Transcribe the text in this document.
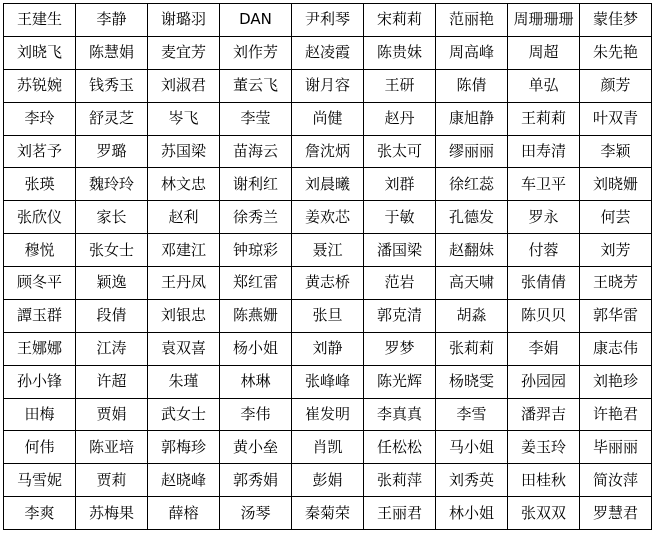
王建生	李静	谢璐羽	DAN	尹利琴	宋莉莉	范丽艳	周珊珊珊	蒙佳梦
刘晓飞	陈慧娟	麦宜芳	刘作芳	赵凌霞	陈贵妹	周高峰	周超	朱先艳
苏锐婉	钱秀玉	刘淑君	董云飞	谢月容	王研	陈倩	单弘	颜芳
李玲	舒灵芝	岑飞	李莹	尚健	赵丹	康旭静	王莉莉	叶双青
刘茗予	罗璐	苏国梁	苗海云	詹沈炳	张太可	缪丽丽	田寿清	李颖
张瑛	魏玲玲	林文忠	谢利红	刘晨曦	刘群	徐红蕊	车卫平	刘晓姗
张欣仪	家长	赵利	徐秀兰	姜欢芯	于敏	孔德发	罗永	何芸
穆悦	张女士	邓建江	钟琼彩	聂江	潘国梁	赵翻妹	付蓉	刘芳
顾冬平	颖逸	王丹凤	郑红雷	黄志桥	范岩	高天啸	张倩倩	王晓芳
譚玉群	段倩	刘银忠	陈燕姗	张旦	郭克清	胡淼	陈贝贝	郭华雷
王娜娜	江涛	袁双喜	杨小姐	刘静	罗梦	张莉莉	李娟	康志伟
孙小锋	许超	朱瑾	林琳	张峰峰	陈光辉	杨晓雯	孙园园	刘艳珍
田梅	贾娟	武女士	李伟	崔发明	李真真	李雪	潘羿吉	许艳君
何伟	陈亚培	郭梅珍	黄小垒	肖凯	任松松	马小姐	姜玉玲	毕丽丽
马雪妮	贾莉	赵晓峰	郭秀娟	彭娟	张莉萍	刘秀英	田桂秋	简汝萍
李爽	苏梅果	薛榕	汤琴	秦菊荣	王丽君	林小姐	张双双	罗慧君
